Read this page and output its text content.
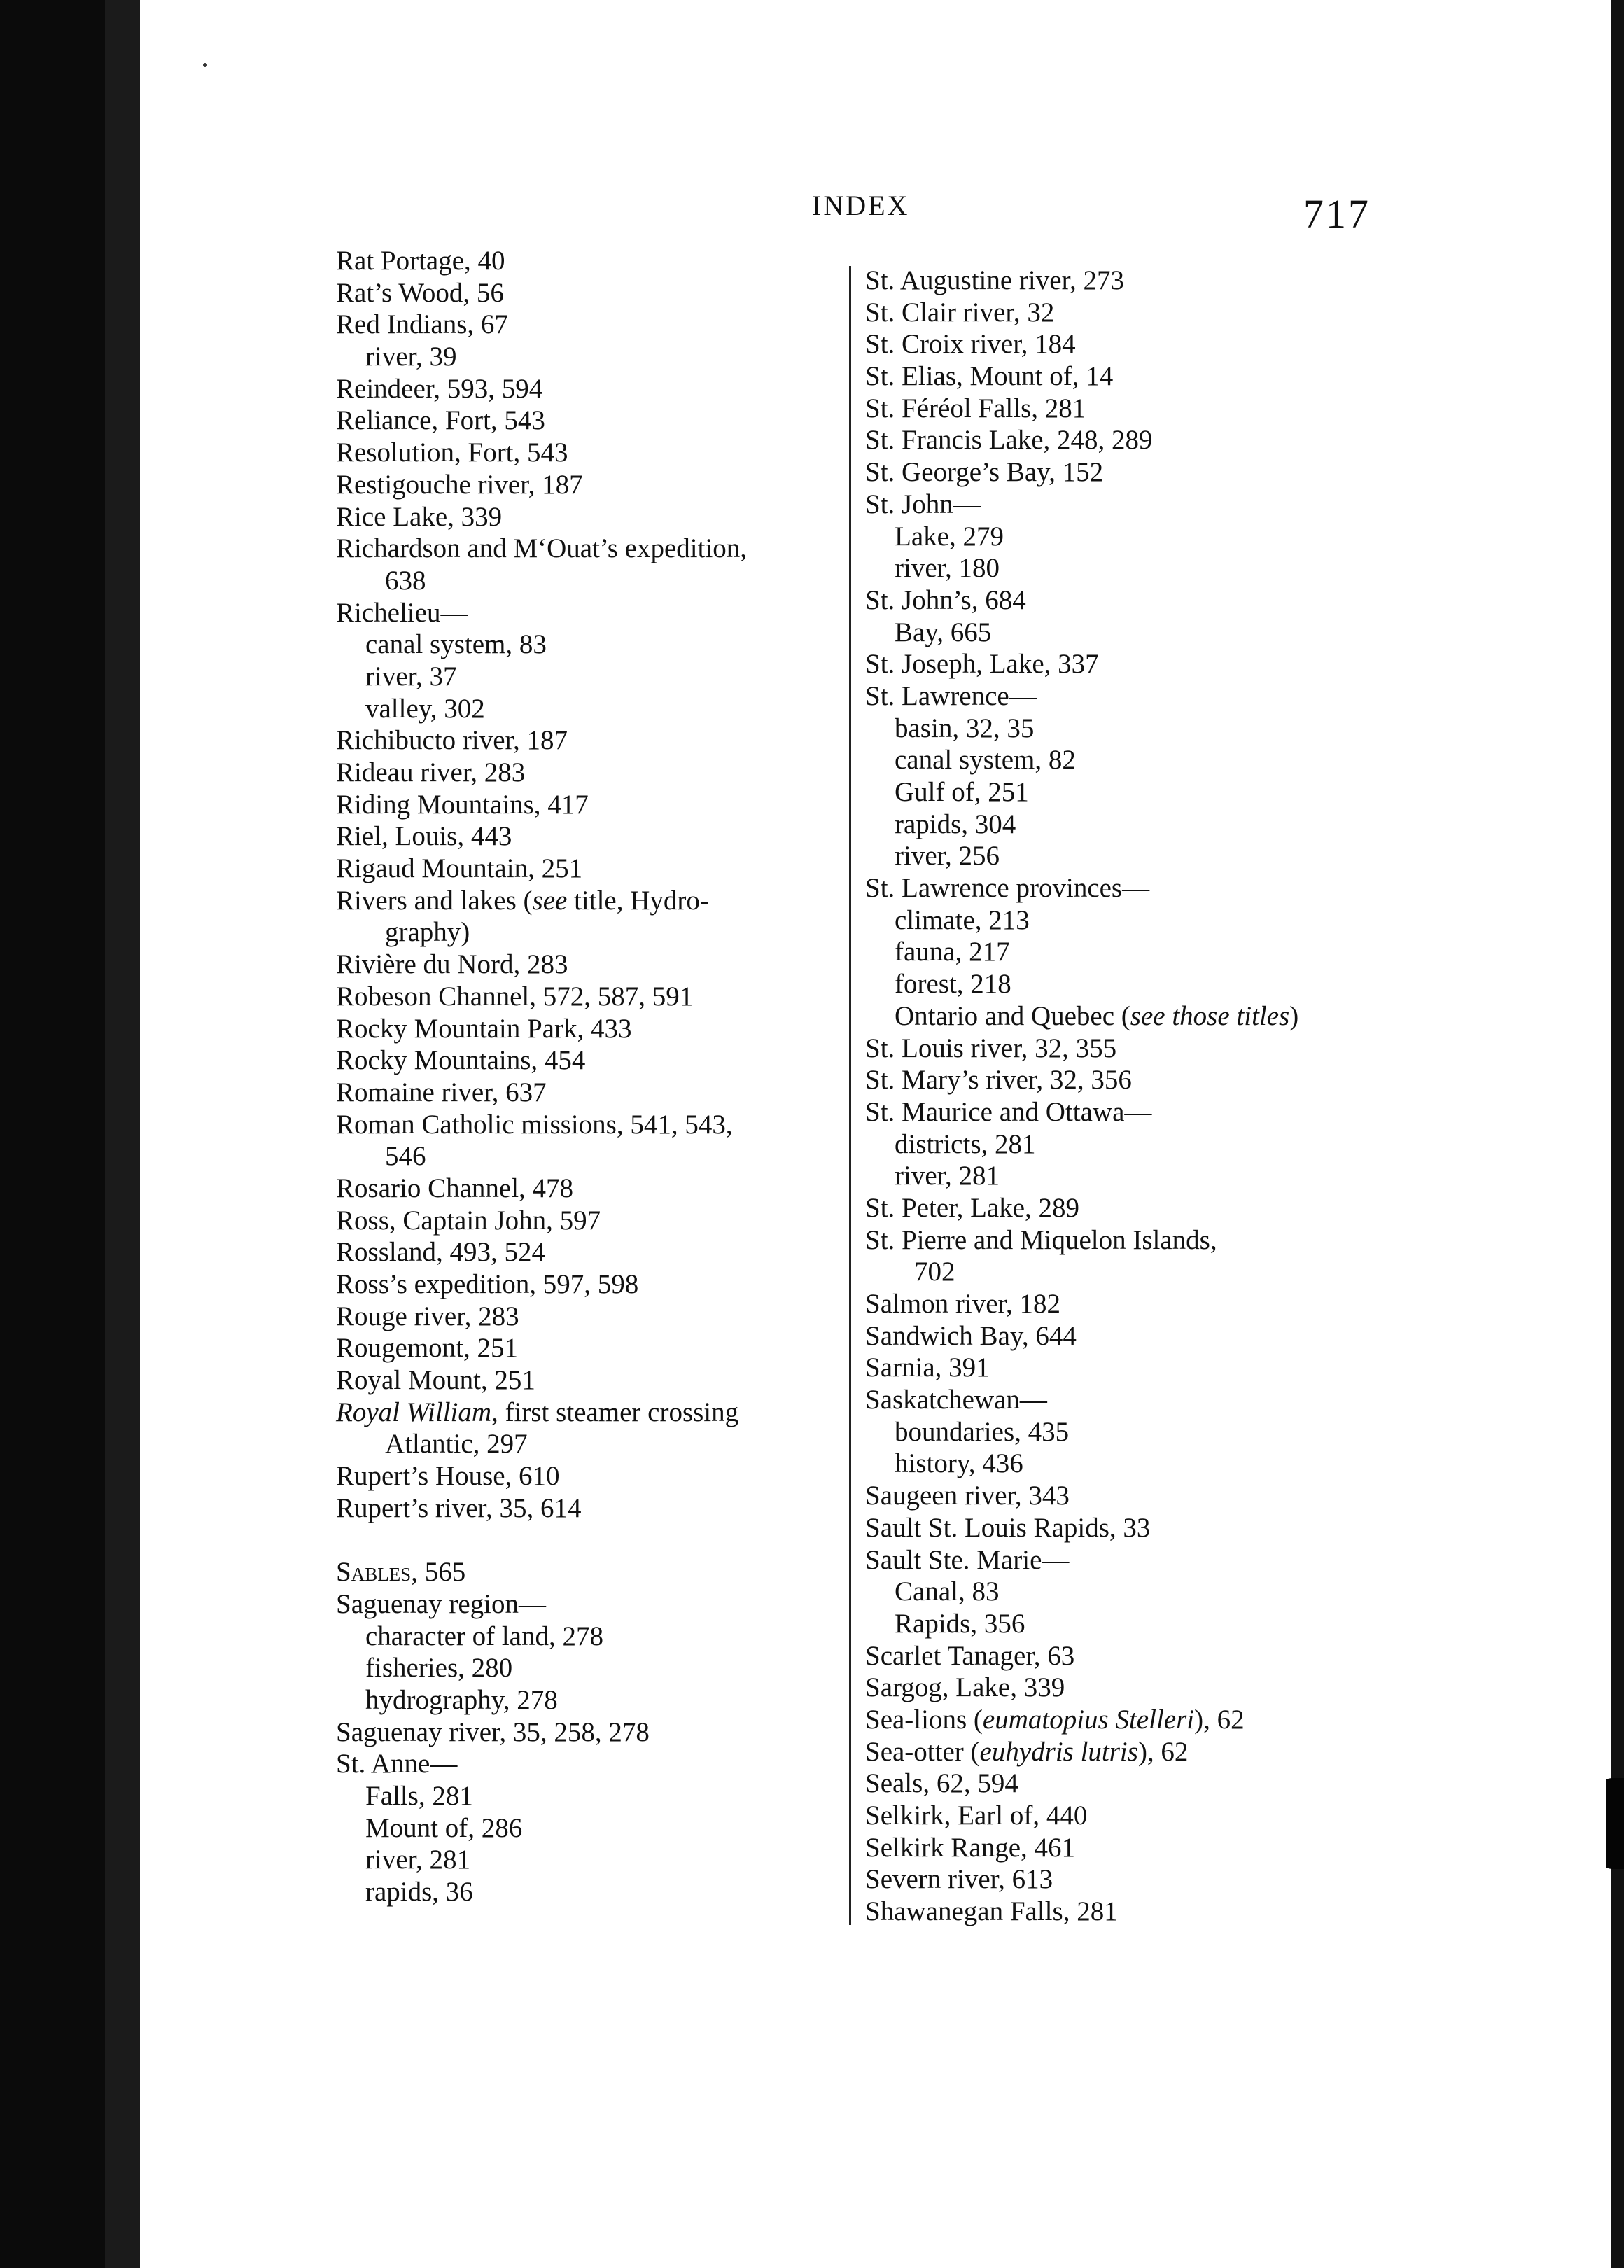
INDEX	717
Rat Portage, 40
Rat’s Wood, 56
Red Indians, 67
river, 39
Reindeer, 593, 594
Reliance, Fort, 543
Resolution, Fort, 543
Restigouche river, 187
Rice Lake, 339
Richardson and M‘Ouat’s expedition,
638
Richelieu—
canal system, 83
river, 37
valley, 302
Richibucto river, 187
Rideau river, 283
Riding Mountains, 417
Riel, Louis, 443
Rigaud Mountain, 251
Rivers and lakes (see title, Hydro-
graphy)
Rivière du Nord, 283
Robeson Channel, 572, 587, 591
Rocky Mountain Park, 433
Rocky Mountains, 454
Romaine river, 637
Roman Catholic missions, 541, 543,
546
Rosario Channel, 478
Ross, Captain John, 597
Rossland, 493, 524
Ross’s expedition, 597, 598
Rouge river, 283
Rougemont, 251
Royal Mount, 251
Royal William, first steamer crossing
Atlantic, 297
Rupert’s House, 610
Rupert’s river, 35, 614
Sables, 565
Saguenay region—
character of land, 278
fisheries, 280
hydrography, 278
Saguenay river, 35, 258, 278
St. Anne—
Falls, 281
Mount of, 286
river, 281
rapids, 36
St. Augustine river, 273
St. Clair river, 32
St. Croix river, 184
St. Elias, Mount of, 14
St. Féréol Falls, 281
St. Francis Lake, 248, 289
St. George’s Bay, 152
St. John—
Lake, 279
river, 180
St. John’s, 684
Bay, 665
St. Joseph, Lake, 337
St. Lawrence—
basin, 32, 35
canal system, 82
Gulf of, 251
rapids, 304
river, 256
St. Lawrence provinces—
climate, 213
fauna, 217
forest, 218
Ontario and Quebec (see those titles)
St. Louis river, 32, 355
St. Mary’s river, 32, 356
St. Maurice and Ottawa—
districts, 281
river, 281
St. Peter, Lake, 289
St. Pierre and Miquelon Islands,
702
Salmon river, 182
Sandwich Bay, 644
Sarnia, 391
Saskatchewan—
boundaries, 435
history, 436
Saugeen river, 343
Sault St. Louis Rapids, 33
Sault Ste. Marie—
Canal, 83
Rapids, 356
Scarlet Tanager, 63
Sargog, Lake, 339
Sea-lions (eumatopius Stelleri), 62
Sea-otter (euhydris lutris), 62
Seals, 62, 594
Selkirk, Earl of, 440
Selkirk Range, 461
Severn river, 613
Shawanegan Falls, 281
